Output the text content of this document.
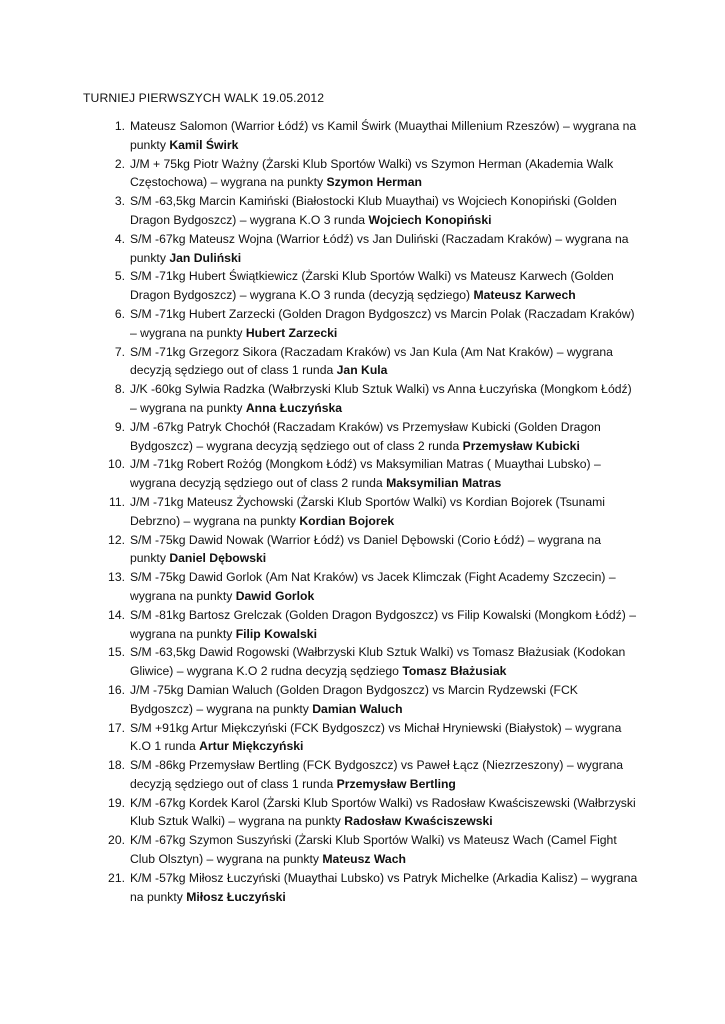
TURNIEJ PIERWSZYCH WALK 19.05.2012
1. Mateusz Salomon (Warrior Łódź) vs Kamil Świrk (Muaythai Millenium Rzeszów) – wygrana na punkty Kamil Świrk
2. J/M + 75kg Piotr Ważny (Żarski Klub Sportów Walki) vs Szymon Herman (Akademia Walk Częstochowa) – wygrana na punkty Szymon Herman
3. S/M -63,5kg Marcin Kamiński (Białostocki Klub Muaythai) vs Wojciech Konopiński (Golden Dragon Bydgoszcz) – wygrana K.O 3 runda Wojciech Konopiński
4. S/M -67kg Mateusz Wojna (Warrior Łódź) vs Jan Duliński (Raczadam Kraków) – wygrana na punkty Jan Duliński
5. S/M -71kg Hubert Świątkiewicz (Żarski Klub Sportów Walki) vs Mateusz Karwech (Golden Dragon Bydgoszcz) – wygrana K.O 3 runda (decyzją sędziego) Mateusz Karwech
6. S/M -71kg Hubert Zarzecki (Golden Dragon Bydgoszcz) vs Marcin Polak (Raczadam Kraków) – wygrana na punkty Hubert Zarzecki
7. S/M -71kg Grzegorz Sikora (Raczadam Kraków) vs Jan Kula (Am Nat Kraków) – wygrana decyzją sędziego out of class 1 runda Jan Kula
8. J/K -60kg Sylwia Radzka (Wałbrzyski Klub Sztuk Walki) vs Anna Łuczyńska (Mongkom Łódź) – wygrana na punkty Anna Łuczyńska
9. J/M -67kg Patryk Chochół (Raczadam Kraków) vs Przemysław Kubicki (Golden Dragon Bydgoszcz) – wygrana decyzją sędziego out of class 2 runda Przemysław Kubicki
10. J/M -71kg Robert Rożóg (Mongkom Łódź) vs Maksymilian Matras ( Muaythai Lubsko) – wygrana decyzją sędziego out of class 2 runda Maksymilian Matras
11. J/M -71kg Mateusz Żychowski (Żarski Klub Sportów Walki) vs Kordian Bojorek (Tsunami Debrzno) – wygrana na punkty Kordian Bojorek
12. S/M -75kg Dawid Nowak (Warrior Łódź) vs Daniel Dębowski (Corio Łódź) – wygrana na punkty Daniel Dębowski
13. S/M -75kg Dawid Gorlok (Am Nat Kraków) vs Jacek Klimczak (Fight Academy Szczecin) – wygrana na punkty Dawid Gorlok
14. S/M -81kg Bartosz Grelczak (Golden Dragon Bydgoszcz) vs Filip Kowalski (Mongkom Łódź) – wygrana na punkty Filip Kowalski
15. S/M -63,5kg Dawid Rogowski (Wałbrzyski Klub Sztuk Walki) vs Tomasz Błażusiak (Kodokan Gliwice) – wygrana K.O 2 rudna decyzją sędziego Tomasz Błażusiak
16. J/M -75kg Damian Waluch (Golden Dragon Bydgoszcz) vs Marcin Rydzewski (FCK Bydgoszcz) – wygrana na punkty Damian Waluch
17. S/M +91kg Artur Miękczyński (FCK Bydgoszcz) vs Michał Hryniewski (Białystok) – wygrana K.O 1 runda Artur Miękczyński
18. S/M -86kg Przemysław Bertling (FCK Bydgoszcz) vs Paweł Łącz (Niezrzeszony) – wygrana decyzją sędziego out of class 1 runda Przemysław Bertling
19. K/M -67kg Kordek Karol (Żarski Klub Sportów Walki) vs Radosław Kwaściszewski (Wałbrzyski Klub Sztuk Walki) – wygrana na punkty Radosław Kwaściszewski
20. K/M -67kg Szymon Suszyński (Żarski Klub Sportów Walki) vs Mateusz Wach (Camel Fight Club Olsztyn) – wygrana na punkty Mateusz Wach
21. K/M -57kg Miłosz Łuczyński (Muaythai Lubsko) vs Patryk Michelke (Arkadia Kalisz) – wygrana na punkty Miłosz Łuczyński
